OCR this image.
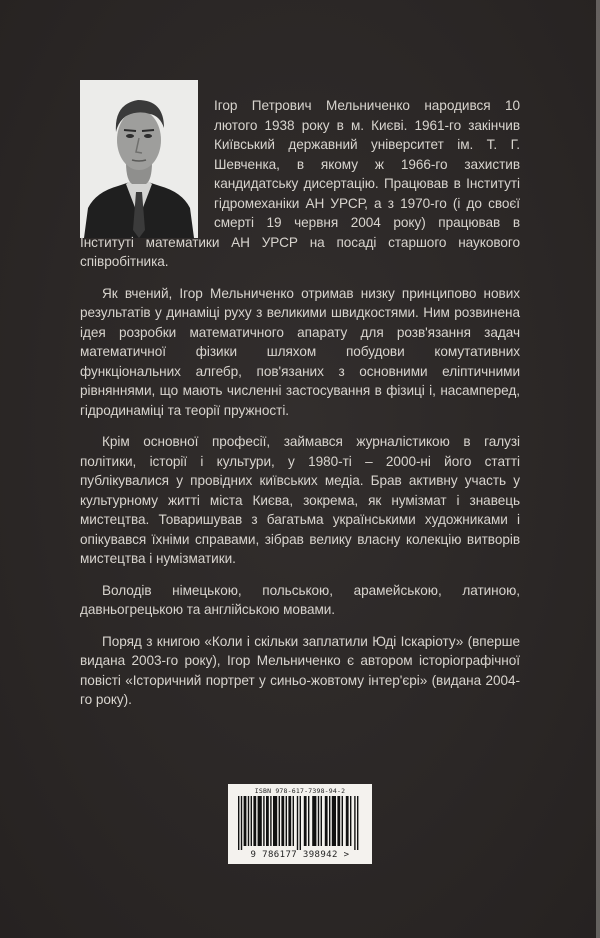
Ігор Петрович Мельниченко народився 10 лютого 1938 року в м. Києві. 1961-го закінчив Київський державний університет ім. Т. Г. Шевченка, в якому ж 1966-го захистив кандидатську дисертацію. Працював в Інституті гідромеханіки АН УРСР, а з 1970-го (і до своєї смерті 19 червня 2004 року) працював в Інституті математики АН УРСР на посаді старшого наукового співробітника.

Як вчений, Ігор Мельниченко отримав низку принципово нових результатів у динаміці руху з великими швидкостями. Ним розвинена ідея розробки математичного апарату для розв'язання задач математичної фізики шляхом побудови комутативних функціональних алгебр, пов'язаних з основними еліптичними рівняннями, що мають численні застосування в фізиці і, насамперед, гідродинаміці та теорії пружності.

Крім основної професії, займався журналістикою в галузі політики, історії і культури, у 1980-ті – 2000-ні його статті публікувалися у провідних київських медіа. Брав активну участь у культурному житті міста Києва, зокрема, як нумізмат і знавець мистецтва. Товаришував з багатьма українськими художниками і опікувався їхніми справами, зібрав велику власну колекцію витворів мистецтва і нумізматики.

Володів німецькою, польською, арамейською, латиною, давньогрецькою та англійською мовами.

Поряд з книгою «Коли і скільки заплатили Юді Іскаріоту» (вперше видана 2003-го року), Ігор Мельниченко є автором історіографічної повісті «Історичний портрет у синьо-жовтому інтер'єрі» (видана 2004-го року).

ISBN 978-617-7398-94-2
9 786177 398942 >
